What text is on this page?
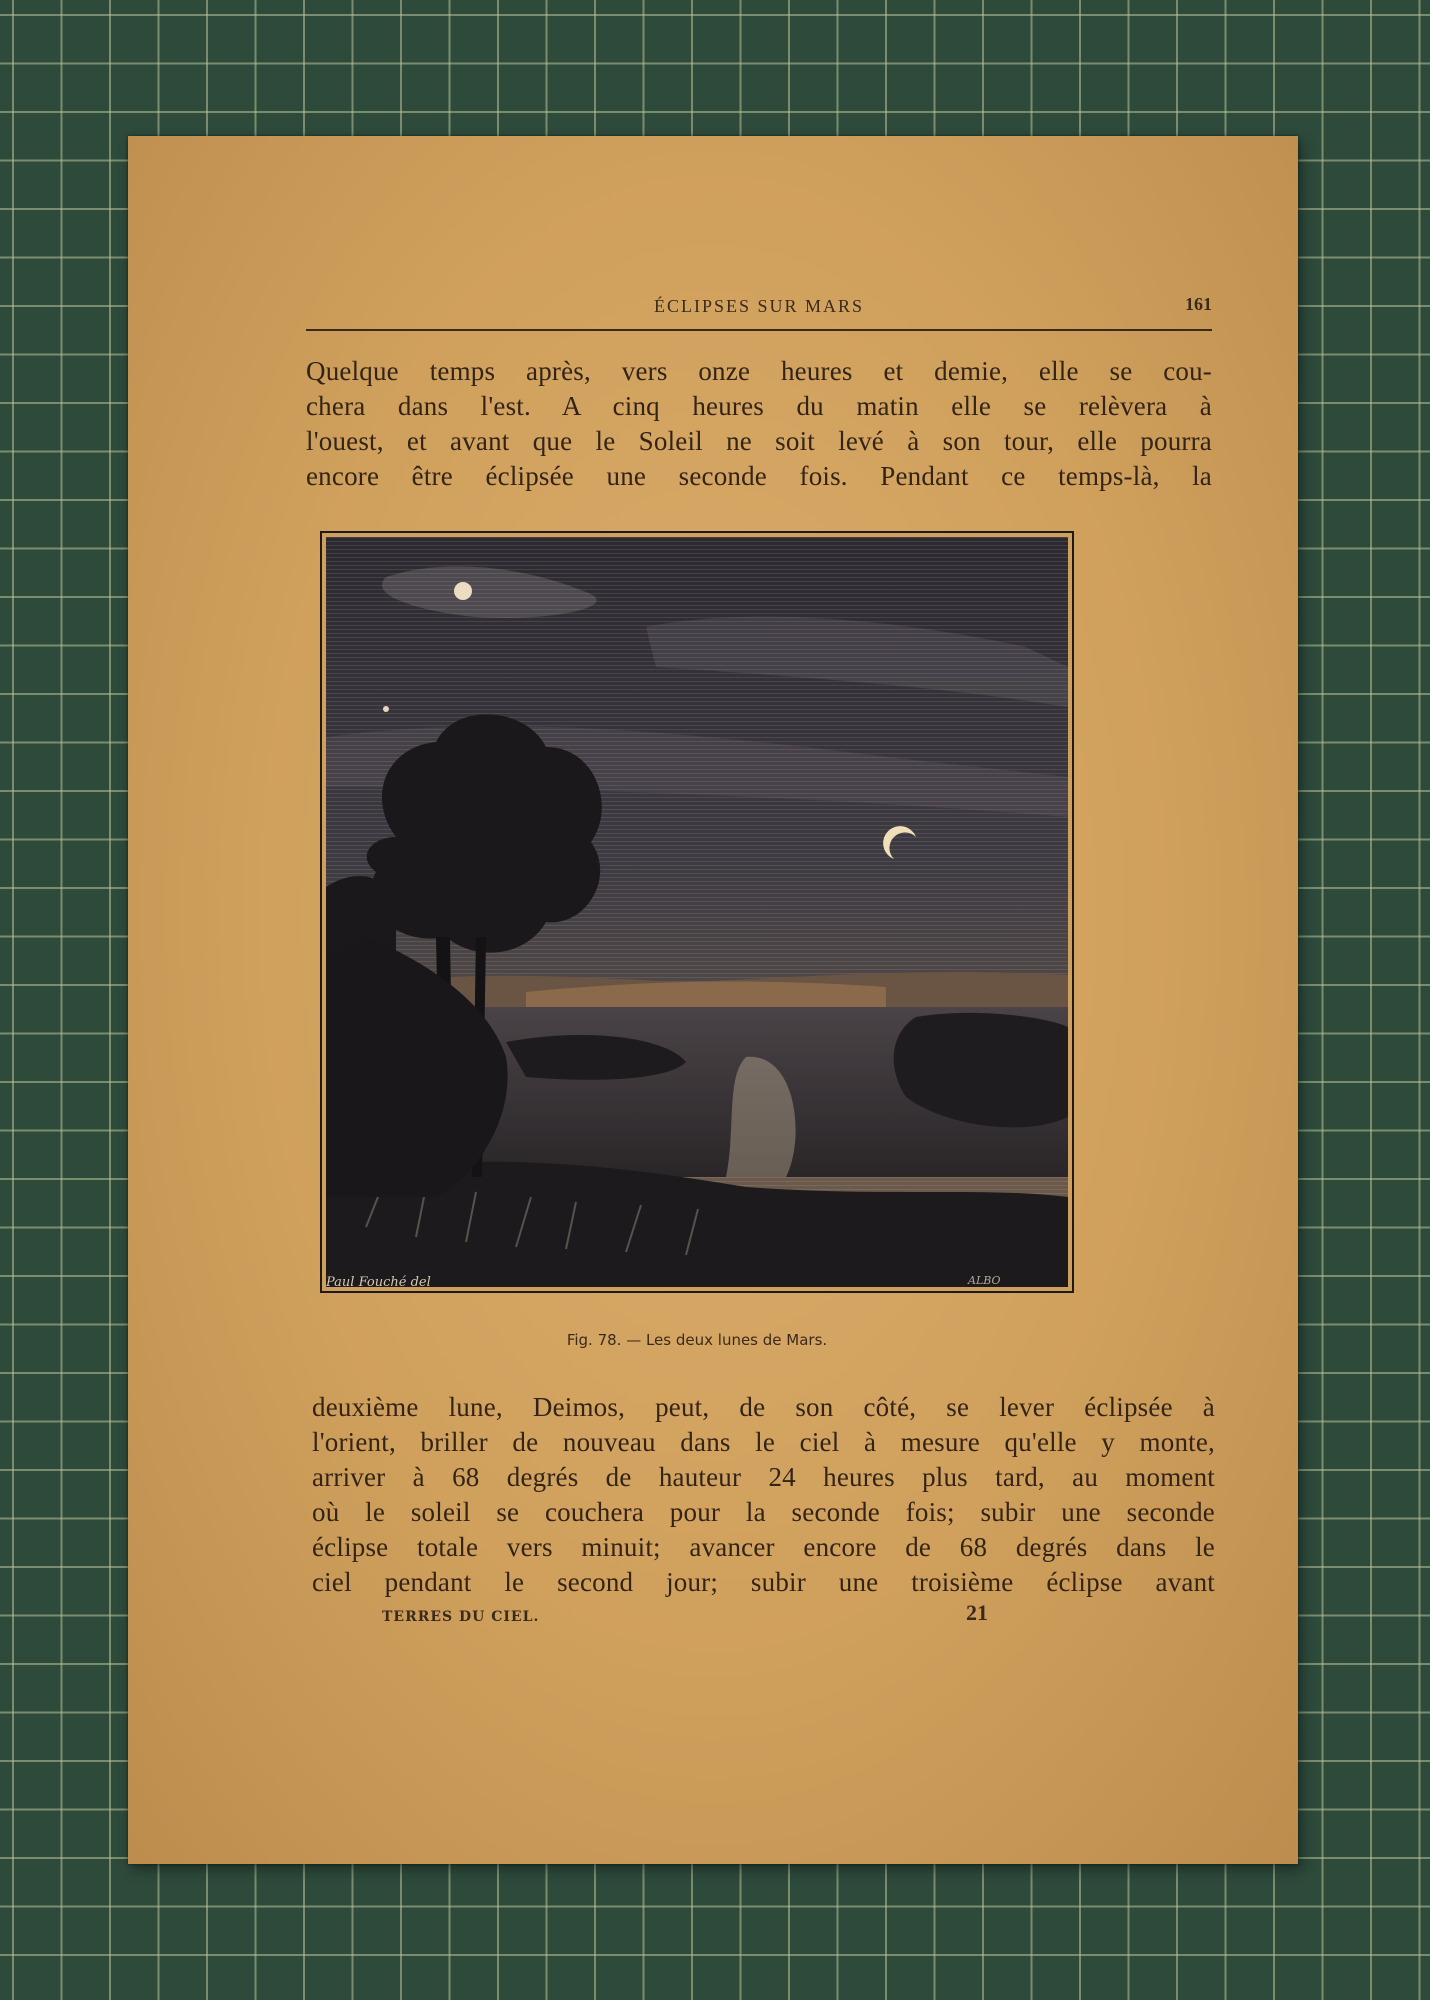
ÉCLIPSES SUR MARS	161
Quelque temps après, vers onze heures et demie, elle se cou-
chera dans l'est. A cinq heures du matin elle se relèvera à
l'ouest, et avant que le Soleil ne soit levé à son tour, elle pourra
encore être éclipsée une seconde fois. Pendant ce temps-là, la
Paul Fouché del	ALBO
Fig. 78. — Les deux lunes de Mars.
deuxième lune, Deimos, peut, de son côté, se lever éclipsée à
l'orient, briller de nouveau dans le ciel à mesure qu'elle y monte,
arriver à 68 degrés de hauteur 24 heures plus tard, au moment
où le soleil se couchera pour la seconde fois; subir une seconde
éclipse totale vers minuit; avancer encore de 68 degrés dans le
ciel pendant le second jour; subir une troisième éclipse avant
TERRES DU CIEL.	21
